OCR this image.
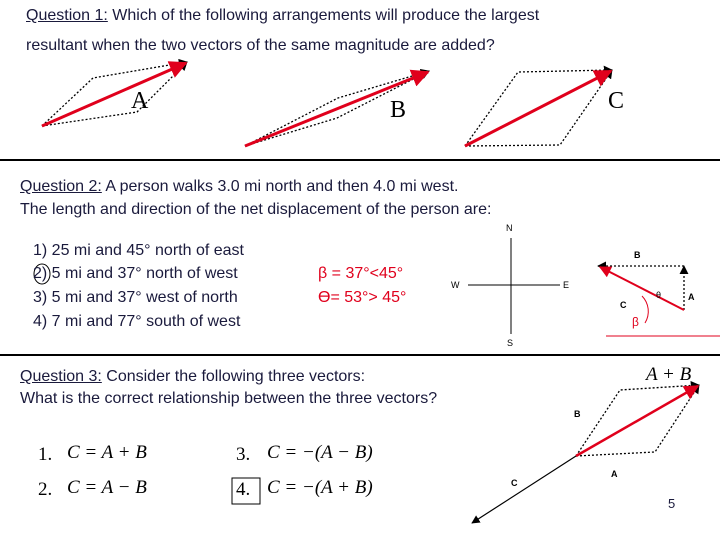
Question 1: Which of the following arrangements will produce the largest
resultant when the two vectors of the same magnitude are added?
A	B	C
Question 2: A person walks 3.0 mi north and then 4.0 mi west.
The length and direction of the net displacement of the person are:
1) 25 mi and 45° north of east
2) 5 mi and 37° north of west
3) 5 mi and 37° west of north
4) 7 mi and 77° south of west
β = 37°<45°
Ɵ= 53°> 45°
N
S
E
W
B
A
C
θ
β
Question 3: Consider the following three vectors:
What is the correct relationship between the three vectors?
1. C = A + B
2. C = A − B
3. C = −(A − B)
4. C = −(A + B)
A + B
B
A
C
5
